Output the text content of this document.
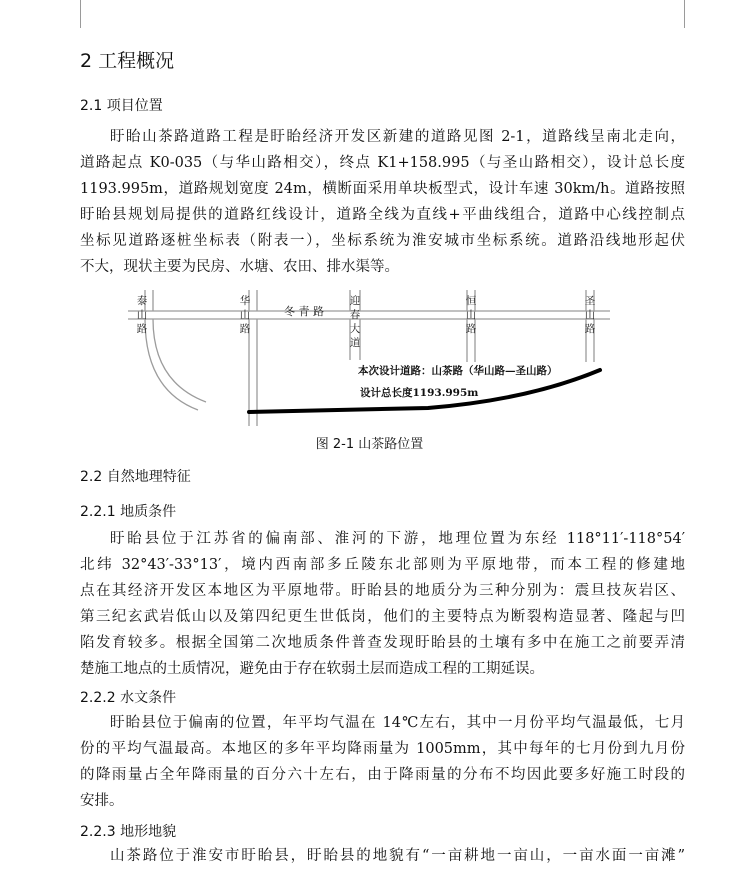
2 工程概况
2.1 项目位置
盱眙山茶路道路工程是盱眙经济开发区新建的道路见图 2-1，道路线呈南北走向，
道路起点 K0-035（与华山路相交），终点 K1+158.995（与圣山路相交），设计总长度
1193.995m，道路规划宽度 24m，横断面采用单块板型式，设计车速 30km/h。道路按照
盱眙县规划局提供的道路红线设计，道路全线为直线+平曲线组合，道路中心线控制点
坐标见道路逐桩坐标表（附表一），坐标系统为淮安城市坐标系统。道路沿线地形起伏
不大，现状主要为民房、水塘、农田、排水渠等。
泰山路
华山路
迎春大道
恒山路
圣山路
冬 青 路
本次设计道路：山茶路（华山路—圣山路）
设计总长度1193.995m
图 2-1 山茶路位置
2.2 自然地理特征
2.2.1 地质条件
盱眙县位于江苏省的偏南部、淮河的下游，地理位置为东经 118°11′-118°54′
北纬 32°43′-33°13′，境内西南部多丘陵东北部则为平原地带，而本工程的修建地
点在其经济开发区本地区为平原地带。盱眙县的地质分为三种分别为：震旦技灰岩区、
第三纪玄武岩低山以及第四纪更生世低岗，他们的主要特点为断裂构造显著、隆起与凹
陷发育较多。根据全国第二次地质条件普查发现盱眙县的土壤有多中在施工之前要弄清
楚施工地点的土质情况，避免由于存在软弱土层而造成工程的工期延误。
2.2.2 水文条件
盱眙县位于偏南的位置，年平均气温在 14℃左右，其中一月份平均气温最低，七月
份的平均气温最高。本地区的多年平均降雨量为 1005mm，其中每年的七月份到九月份
的降雨量占全年降雨量的百分六十左右，由于降雨量的分布不均因此要多好施工时段的
安排。
2.2.3 地形地貌
山茶路位于淮安市盱眙县，盱眙县的地貌有“一亩耕地一亩山，一亩水面一亩滩”
